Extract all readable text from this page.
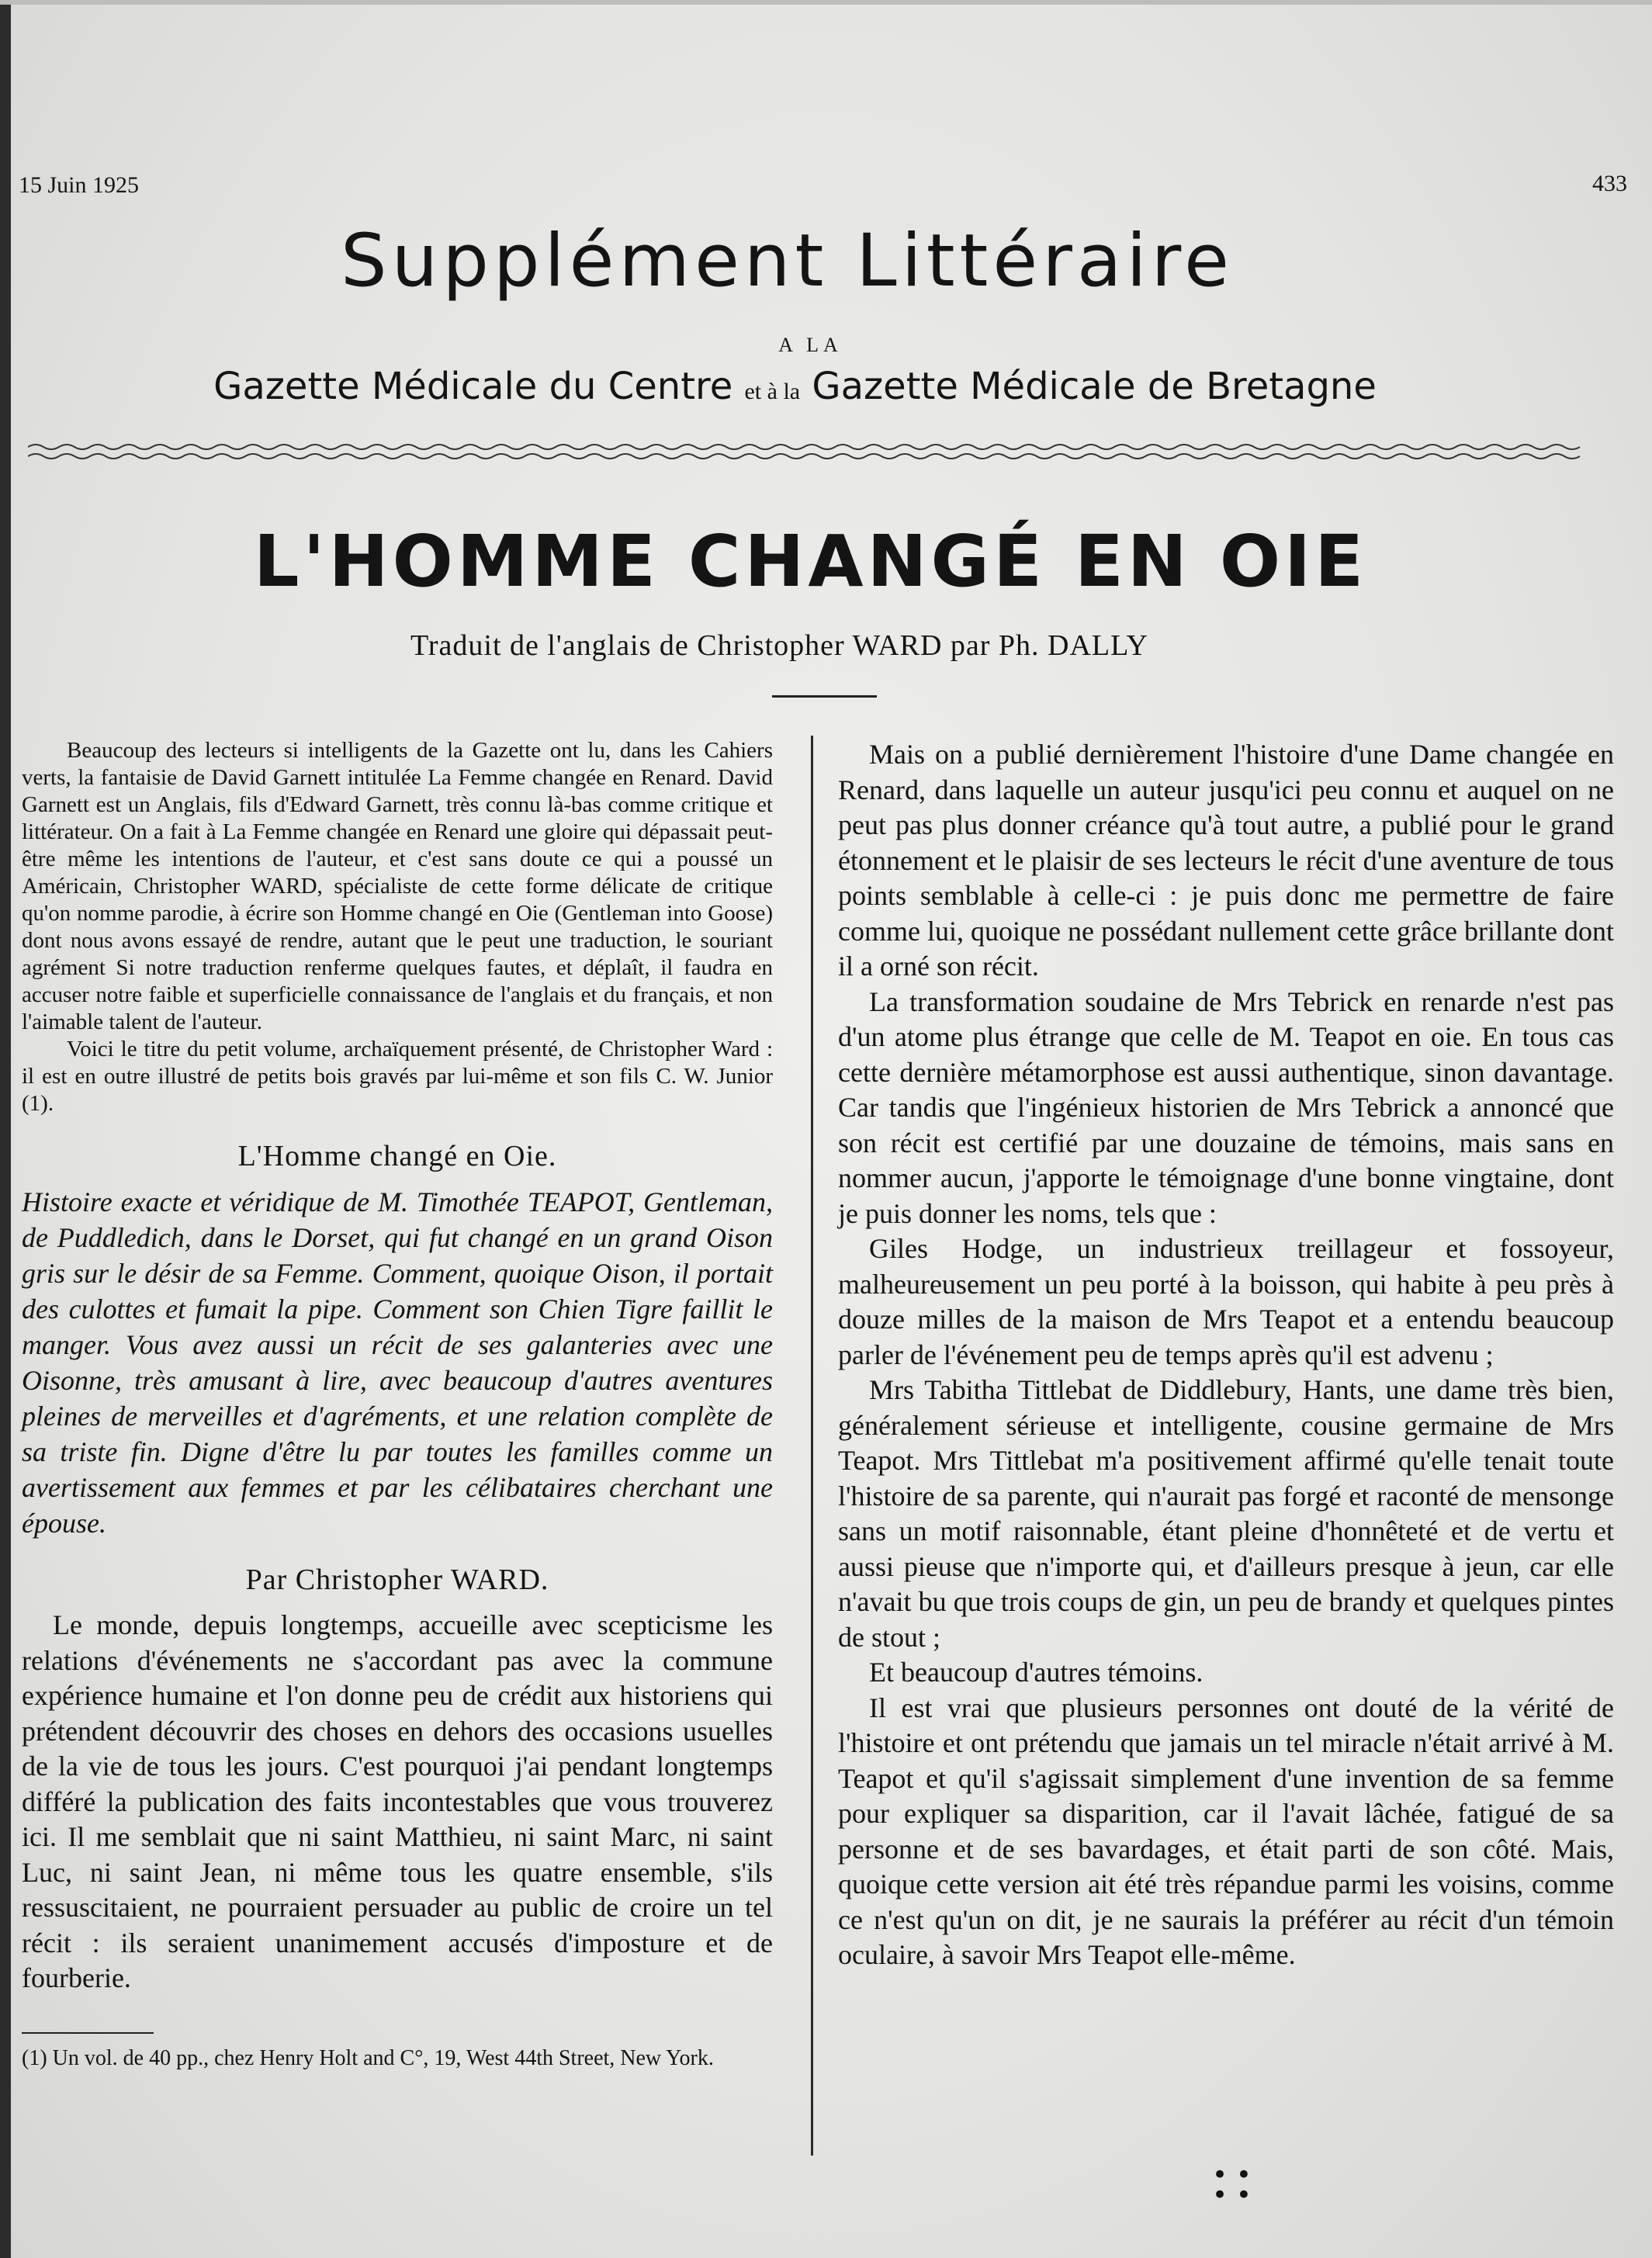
15 Juin 1925	433
Supplément Littéraire
A LA
Gazette Médicale du Centre et à la Gazette Médicale de Bretagne
L'HOMME CHANGÉ EN OIE
Traduit de l'anglais de Christopher WARD par Ph. DALLY

Beaucoup des lecteurs si intelligents de la Gazette ont lu, dans les Cahiers verts, la fantaisie de David Garnett intitulée La Femme changée en Renard. David Garnett est un Anglais, fils d'Edward Garnett, très connu là-bas comme critique et littérateur. On a fait à La Femme changée en Renard une gloire qui dépassait peut-être même les intentions de l'auteur, et c'est sans doute ce qui a poussé un Américain, Christopher WARD, spécialiste de cette forme délicate de critique qu'on nomme parodie, à écrire son Homme changé en Oie (Gentleman into Goose) dont nous avons essayé de rendre, autant que le peut une traduction, le souriant agrément Si notre traduction renferme quelques fautes, et déplaît, il faudra en accuser notre faible et superficielle connaissance de l'anglais et du français, et non l'aimable talent de l'auteur.

Voici le titre du petit volume, archaïquement présenté, de Christopher Ward : il est en outre illustré de petits bois gravés par lui-même et son fils C. W. Junior (1).

L'Homme changé en Oie.

Histoire exacte et véridique de M. Timothée TEAPOT, Gentleman, de Puddledich, dans le Dorset, qui fut changé en un grand Oison gris sur le désir de sa Femme. Comment, quoique Oison, il portait des culottes et fumait la pipe. Comment son Chien Tigre faillit le manger. Vous avez aussi un récit de ses galanteries avec une Oisonne, très amusant à lire, avec beaucoup d'autres aventures pleines de merveilles et d'agréments, et une relation complète de sa triste fin. Digne d'être lu par toutes les familles comme un avertissement aux femmes et par les célibataires cherchant une épouse.

Par Christopher WARD.

Le monde, depuis longtemps, accueille avec scepticisme les relations d'événements ne s'accordant pas avec la commune expérience humaine et l'on donne peu de crédit aux historiens qui prétendent découvrir des choses en dehors des occasions usuelles de la vie de tous les jours. C'est pourquoi j'ai pendant longtemps différé la publication des faits incontestables que vous trouverez ici. Il me semblait que ni saint Matthieu, ni saint Marc, ni saint Luc, ni saint Jean, ni même tous les quatre ensemble, s'ils ressuscitaient, ne pourraient persuader au public de croire un tel récit : ils seraient unanimement accusés d'imposture et de fourberie.

(1) Un vol. de 40 pp., chez Henry Holt and C°, 19, West 44th Street, New York.

Mais on a publié dernièrement l'histoire d'une Dame changée en Renard, dans laquelle un auteur jusqu'ici peu connu et auquel on ne peut pas plus donner créance qu'à tout autre, a publié pour le grand étonnement et le plaisir de ses lecteurs le récit d'une aventure de tous points semblable à celle-ci : je puis donc me permettre de faire comme lui, quoique ne possédant nullement cette grâce brillante dont il a orné son récit.

La transformation soudaine de Mrs Tebrick en renarde n'est pas d'un atome plus étrange que celle de M. Teapot en oie. En tous cas cette dernière métamorphose est aussi authentique, sinon davantage. Car tandis que l'ingénieux historien de Mrs Tebrick a annoncé que son récit est certifié par une douzaine de témoins, mais sans en nommer aucun, j'apporte le témoignage d'une bonne vingtaine, dont je puis donner les noms, tels que :

Giles Hodge, un industrieux treillageur et fossoyeur, malheureusement un peu porté à la boisson, qui habite à peu près à douze milles de la maison de Mrs Teapot et a entendu beaucoup parler de l'événement peu de temps après qu'il est advenu ;

Mrs Tabitha Tittlebat de Diddlebury, Hants, une dame très bien, généralement sérieuse et intelligente, cousine germaine de Mrs Teapot. Mrs Tittlebat m'a positivement affirmé qu'elle tenait toute l'histoire de sa parente, qui n'aurait pas forgé et raconté de mensonge sans un motif raisonnable, étant pleine d'honnêteté et de vertu et aussi pieuse que n'importe qui, et d'ailleurs presque à jeun, car elle n'avait bu que trois coups de gin, un peu de brandy et quelques pintes de stout ;

Et beaucoup d'autres témoins.

Il est vrai que plusieurs personnes ont douté de la vérité de l'histoire et ont prétendu que jamais un tel miracle n'était arrivé à M. Teapot et qu'il s'agissait simplement d'une invention de sa femme pour expliquer sa disparition, car il l'avait lâchée, fatigué de sa personne et de ses bavardages, et était parti de son côté. Mais, quoique cette version ait été très répandue parmi les voisins, comme ce n'est qu'un on dit, je ne saurais la préférer au récit d'un témoin oculaire, à savoir Mrs Teapot elle-même.

• •
• •
